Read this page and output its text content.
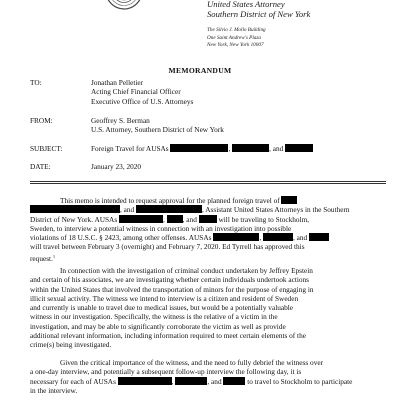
United States Attorney
Southern District of New York
The Silvio J. Mollo Building
One Saint Andrew's Plaza
New York, New York 10007
MEMORANDUM
TO:	Jonathan Pelletier
Acting Chief Financial Officer
Executive Office of U.S. Attorneys
FROM:	Geoffrey S. Berman
U.S. Attorney, Southern District of New York
SUBJECT:	Foreign Travel for AUSAs	,	, and
DATE:	January 23, 2020
This memo is intended to request approval for the planned foreign travel of
, and	, Assistant United States Attorneys in the Southern
District of New York. AUSAs	, , and	will be traveling to Stockholm,
Sweden, to interview a potential witness in connection with an investigation into possible
violations of 18 U.S.C. § 2423, among other offenses. AUSAs	,	, and
will travel between February 3 (overnight) and February 7, 2020. Ed Tyrrell has approved this
request.$^1$
In connection with the investigation of criminal conduct undertaken by Jeffrey Epstein
and certain of his associates, we are investigating whether certain individuals undertook actions
within the United States that involved the transportation of minors for the purpose of engaging in
illicit sexual activity. The witness we intend to interview is a citizen and resident of Sweden
and currently is unable to travel due to medical issues, but would be a potentially valuable
witness in our investigation. Specifically, the witness is the relative of a victim in the
investigation, and may be able to significantly corroborate the victim as well as provide
additional relevant information, including information required to meet certain elements of the
crime(s) being investigated.
Given the critical importance of the witness, and the need to fully debrief the witness over
a one-day interview, and potentially a subsequent follow-up interview the following day, it is
necessary for each of AUSAs	,	, and	to travel to Stockholm to participate
in the interview.
